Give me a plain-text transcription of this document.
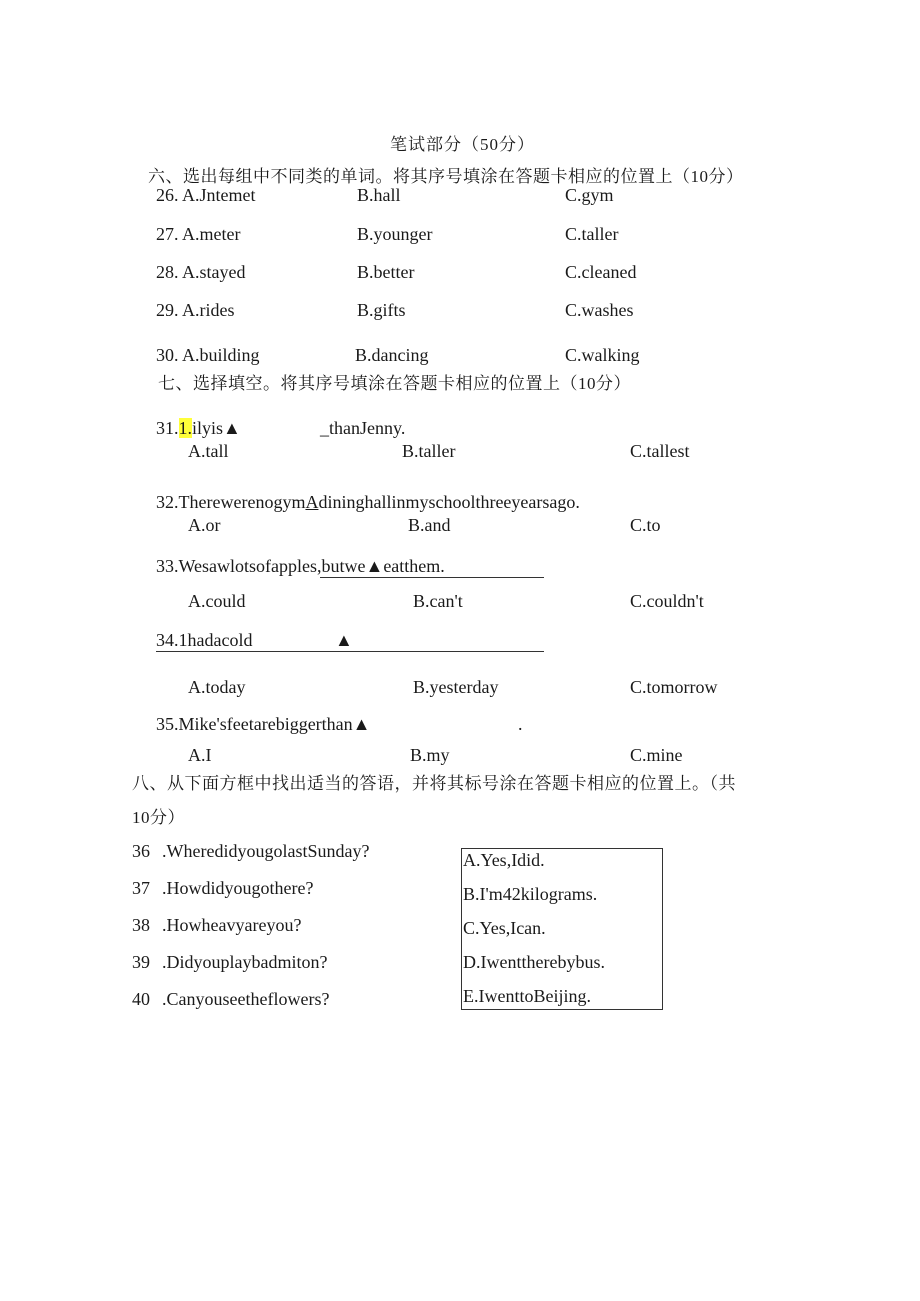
笔试部分（50分）
六、选出每组中不同类的单词。将其序号填涂在答题卡相应的位置上（10分）
26. A.Jntemet	B.hall	C.gym
27. A.meter	B.younger	C.taller
28. A.stayed	B.better	C.cleaned
29. A.rides	B.gifts	C.washes
30. A.building	B.dancing	C.walking
七、选择填空。将其序号填涂在答题卡相应的位置上（10分）
31.1.ilyis▲	_thanJenny.
A.tall	B.taller	C.tallest
32.TherewerenogymAdininghallinmyschoolthreeyearsago.
A.or	B.and	C.to
33.Wesawlotsofapples,butwe▲eatthem.
A.could	B.can't	C.couldn't
34.1hadacold	▲
A.today	B.yesterday	C.tomorrow
35.Mike'sfeetarebiggerthan▲	.
A.I	B.my	C.mine
八、从下面方框中找出适当的答语，并将其标号涂在答题卡相应的位置上。（共
10分）
36 .WheredidyougolastSunday?
37 .Howdidyougothere?
38 .Howheavyareyou?
39 .Didyouplaybadmiton?
40 .Canyouseetheflowers?
A.Yes,Idid.
B.I'm42kilograms.
C.Yes,Ican.
D.Iwenttherebybus.
E.IwenttoBeijing.
